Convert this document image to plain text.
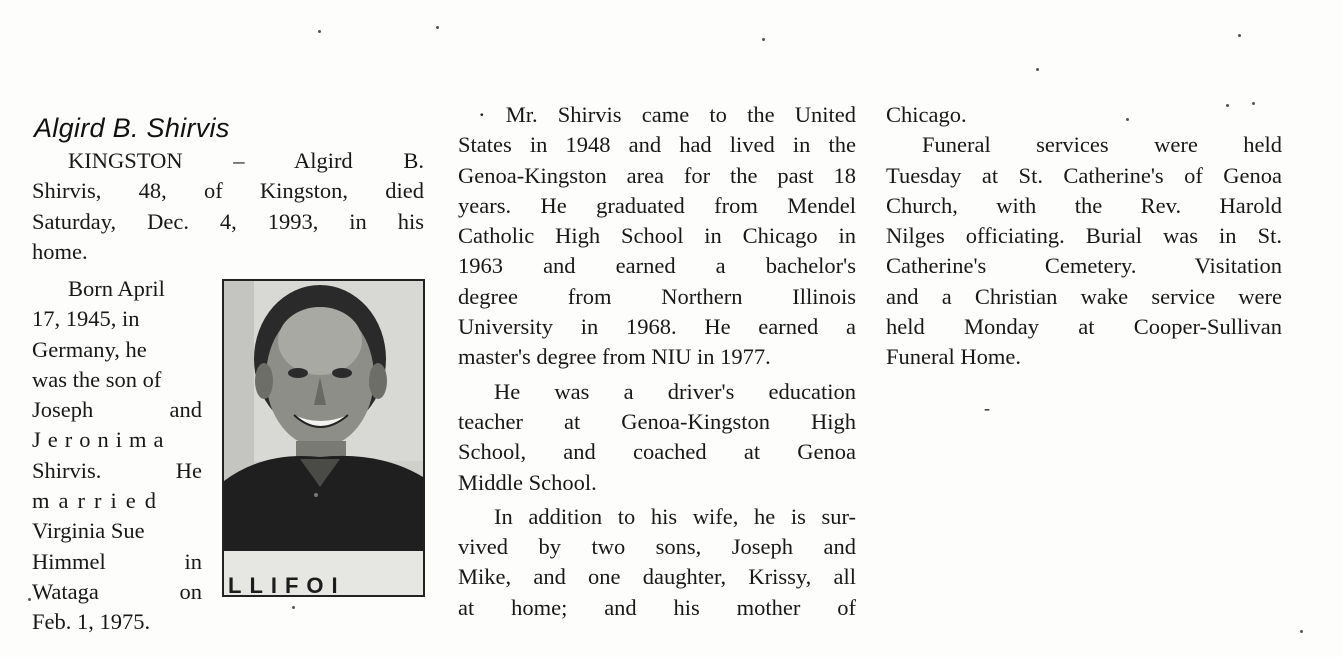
Algird B. Shirvis

KINGSTON – Algird B.

Shirvis, 48, of Kingston, died

Saturday, Dec. 4, 1993, in his

home.

Born April

17, 1945, in

Germany, he

was the son of

Joseph and

Jeronima

Shirvis. He

married

Virginia Sue

Himmel in

Wataga on

Feb. 1, 1975.

LLIFOI

· Mr. Shirvis came to the United

States in 1948 and had lived in the

Genoa-Kingston area for the past 18

years. He graduated from Mendel

Catholic High School in Chicago in

1963 and earned a bachelor's

degree from Northern Illinois

University in 1968. He earned a

master's degree from NIU in 1977.

He was a driver's education

teacher at Genoa-Kingston High

School, and coached at Genoa

Middle School.

In addition to his wife, he is sur-

vived by two sons, Joseph and

Mike, and one daughter, Krissy, all

at home; and his mother of

Chicago.

Funeral services were held

Tuesday at St. Catherine's of Genoa

Church, with the Rev. Harold

Nilges officiating. Burial was in St.

Catherine's Cemetery. Visitation

and a Christian wake service were

held Monday at Cooper-Sullivan

Funeral Home.

-
